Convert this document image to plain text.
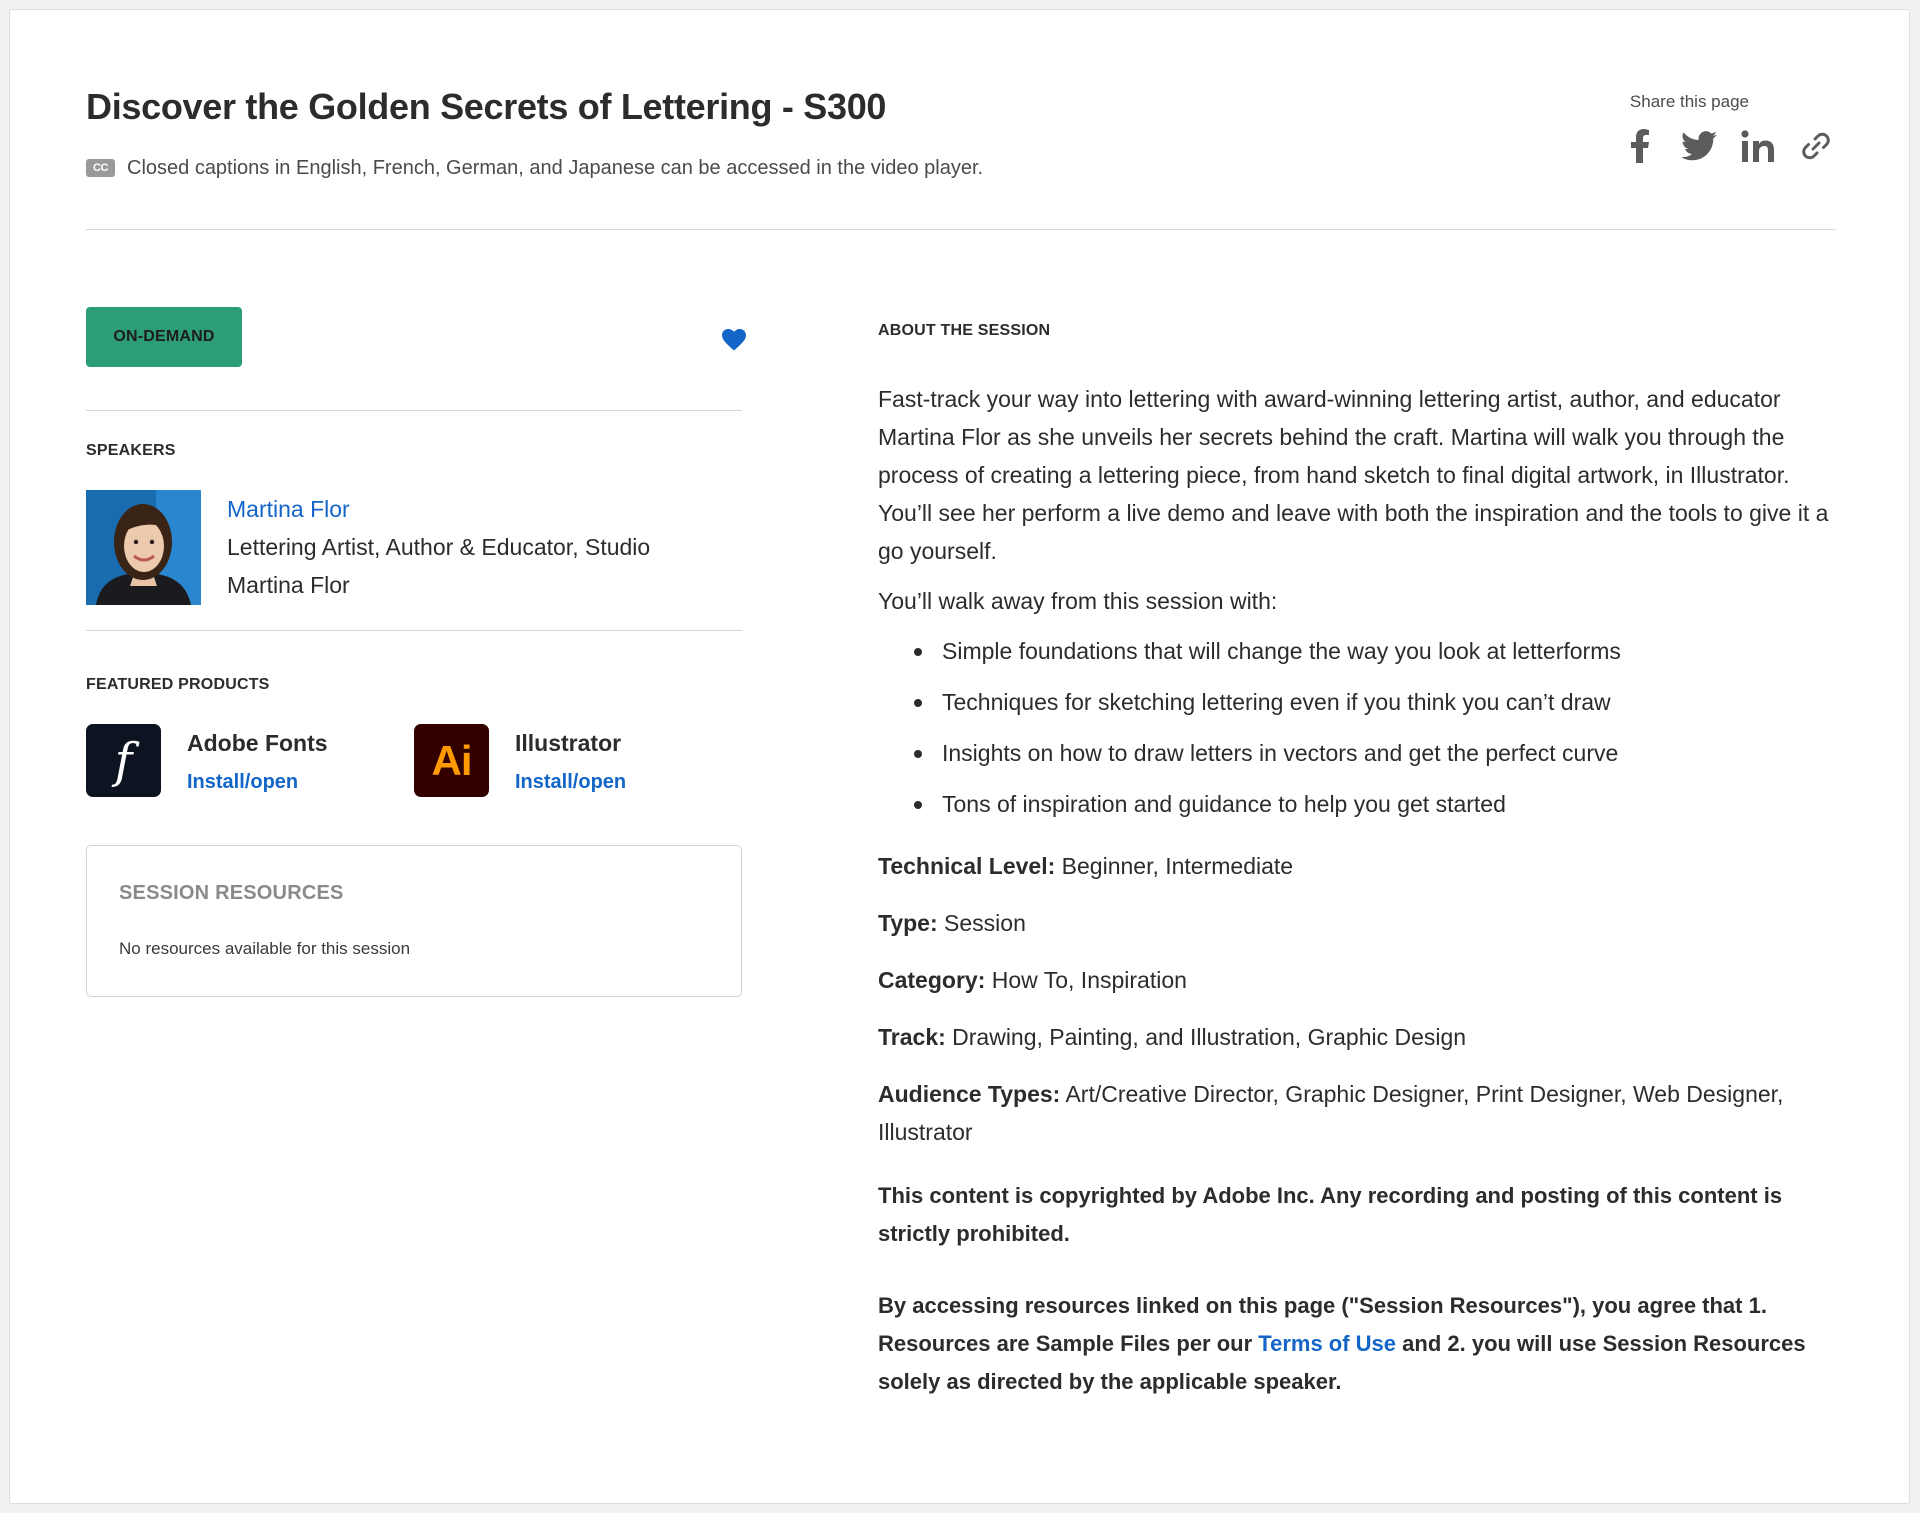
Discover the Golden Secrets of Lettering - S300
CC Closed captions in English, French, German, and Japanese can be accessed in the video player.
Share this page
ON-DEMAND
SPEAKERS
Martina Flor
Lettering Artist, Author & Educator, Studio Martina Flor
FEATURED PRODUCTS
f	Adobe Fonts
Install/open	Ai	Illustrator
Install/open
SESSION RESOURCES
No resources available for this session
ABOUT THE SESSION

Fast-track your way into lettering with award-winning lettering artist, author, and educator Martina Flor as she unveils her secrets behind the craft. Martina will walk you through the process of creating a lettering piece, from hand sketch to final digital artwork, in Illustrator. You’ll see her perform a live demo and leave with both the inspiration and the tools to give it a go yourself.

You’ll walk away from this session with:

Simple foundations that will change the way you look at letterforms
Techniques for sketching lettering even if you think you can’t draw
Insights on how to draw letters in vectors and get the perfect curve
Tons of inspiration and guidance to help you get started
Technical Level: Beginner, Intermediate
Type: Session
Category: How To, Inspiration
Track: Drawing, Painting, and Illustration, Graphic Design
Audience Types: Art/Creative Director, Graphic Designer, Print Designer, Web Designer, Illustrator

This content is copyrighted by Adobe Inc. Any recording and posting of this content is strictly prohibited.

By accessing resources linked on this page ("Session Resources"), you agree that 1. Resources are Sample Files per our Terms of Use and 2. you will use Session Resources solely as directed by the applicable speaker.
